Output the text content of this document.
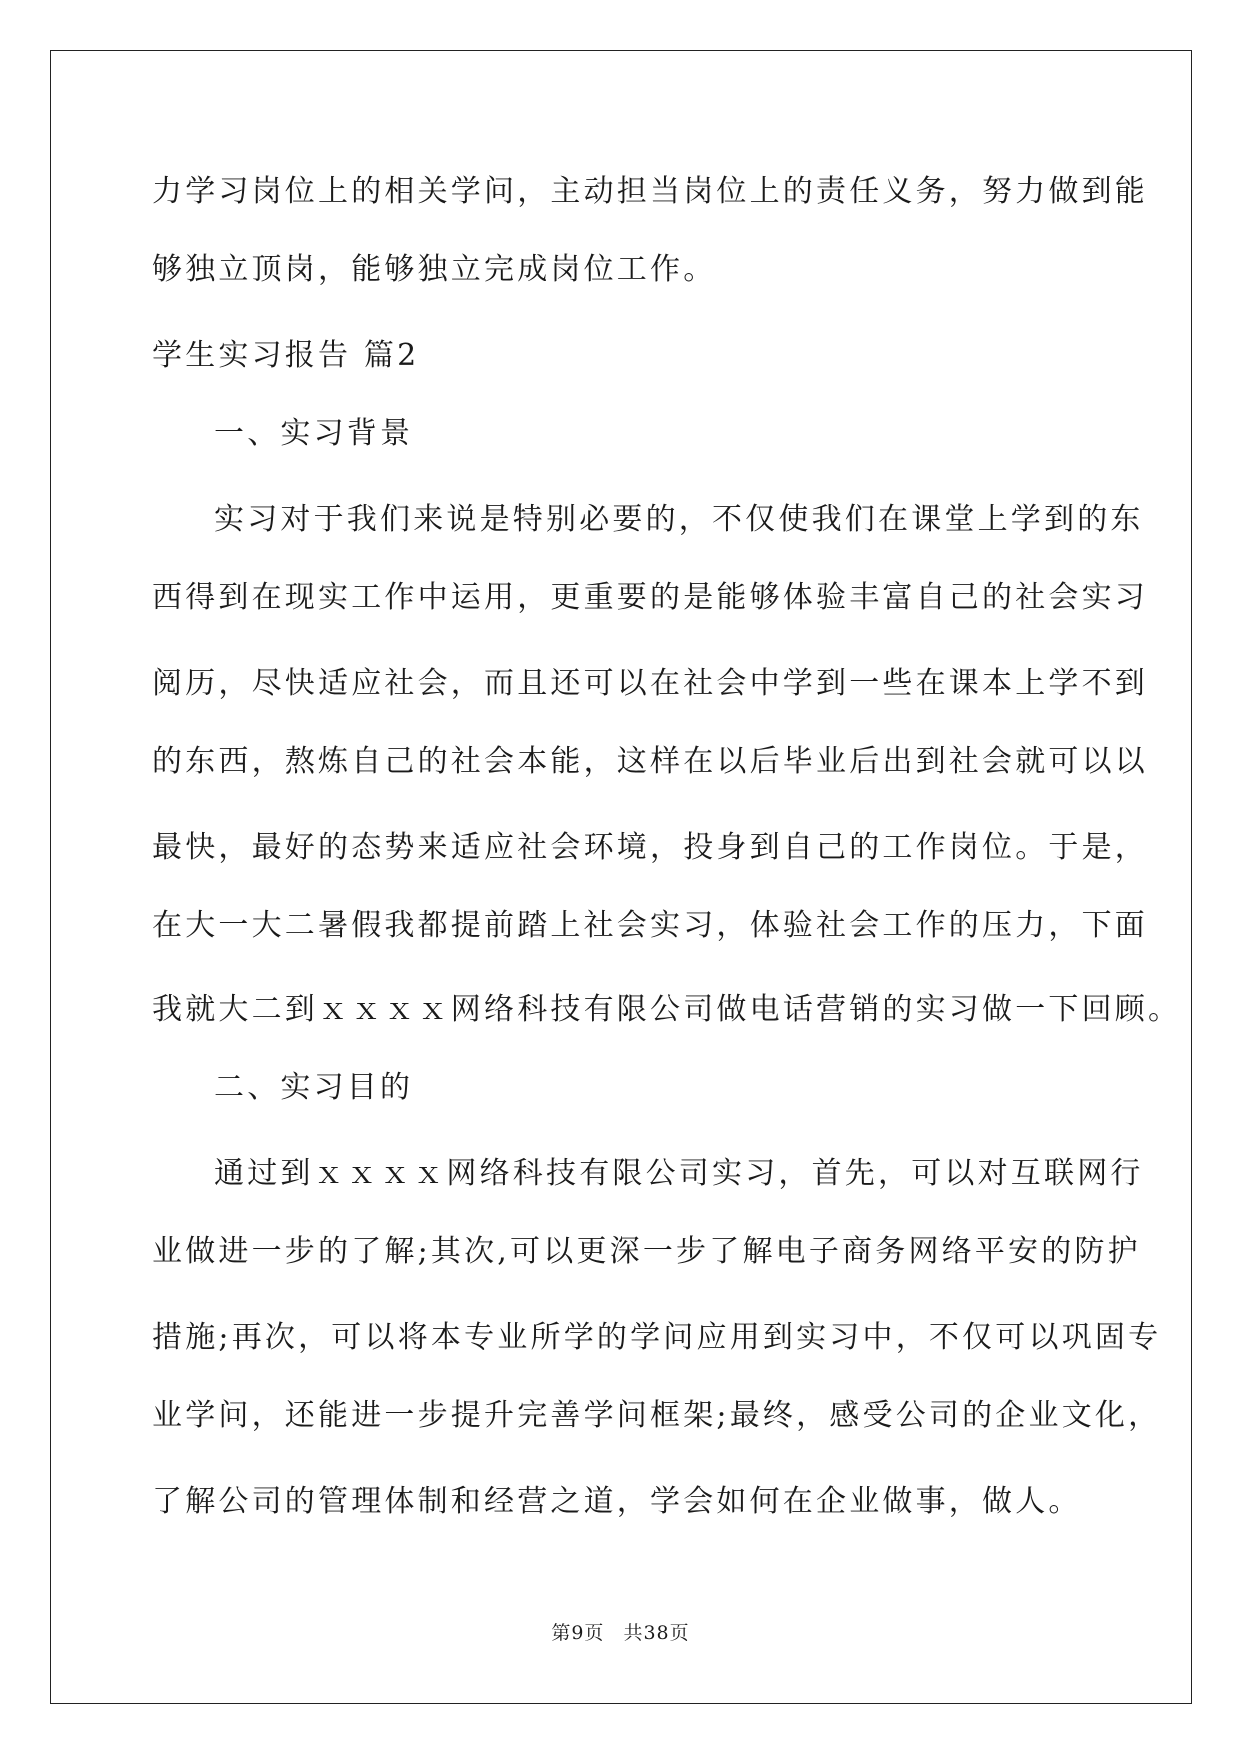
力学习岗位上的相关学问，主动担当岗位上的责任义务，努力做到能
够独立顶岗，能够独立完成岗位工作。
学生实习报告 篇2
一、实习背景
实习对于我们来说是特别必要的，不仅使我们在课堂上学到的东
西得到在现实工作中运用，更重要的是能够体验丰富自己的社会实习
阅历，尽快适应社会，而且还可以在社会中学到一些在课本上学不到
的东西，熬炼自己的社会本能，这样在以后毕业后出到社会就可以以
最快，最好的态势来适应社会环境，投身到自己的工作岗位。于是，
在大一大二暑假我都提前踏上社会实习，体验社会工作的压力，下面
我就大二到ｘｘｘｘ网络科技有限公司做电话营销的实习做一下回顾。
二、实习目的
通过到ｘｘｘｘ网络科技有限公司实习，首先，可以对互联网行
业做进一步的了解;其次,可以更深一步了解电子商务网络平安的防护
措施;再次，可以将本专业所学的学问应用到实习中，不仅可以巩固专
业学问，还能进一步提升完善学问框架;最终，感受公司的企业文化，
了解公司的管理体制和经营之道，学会如何在企业做事，做人。
第9页 共38页
